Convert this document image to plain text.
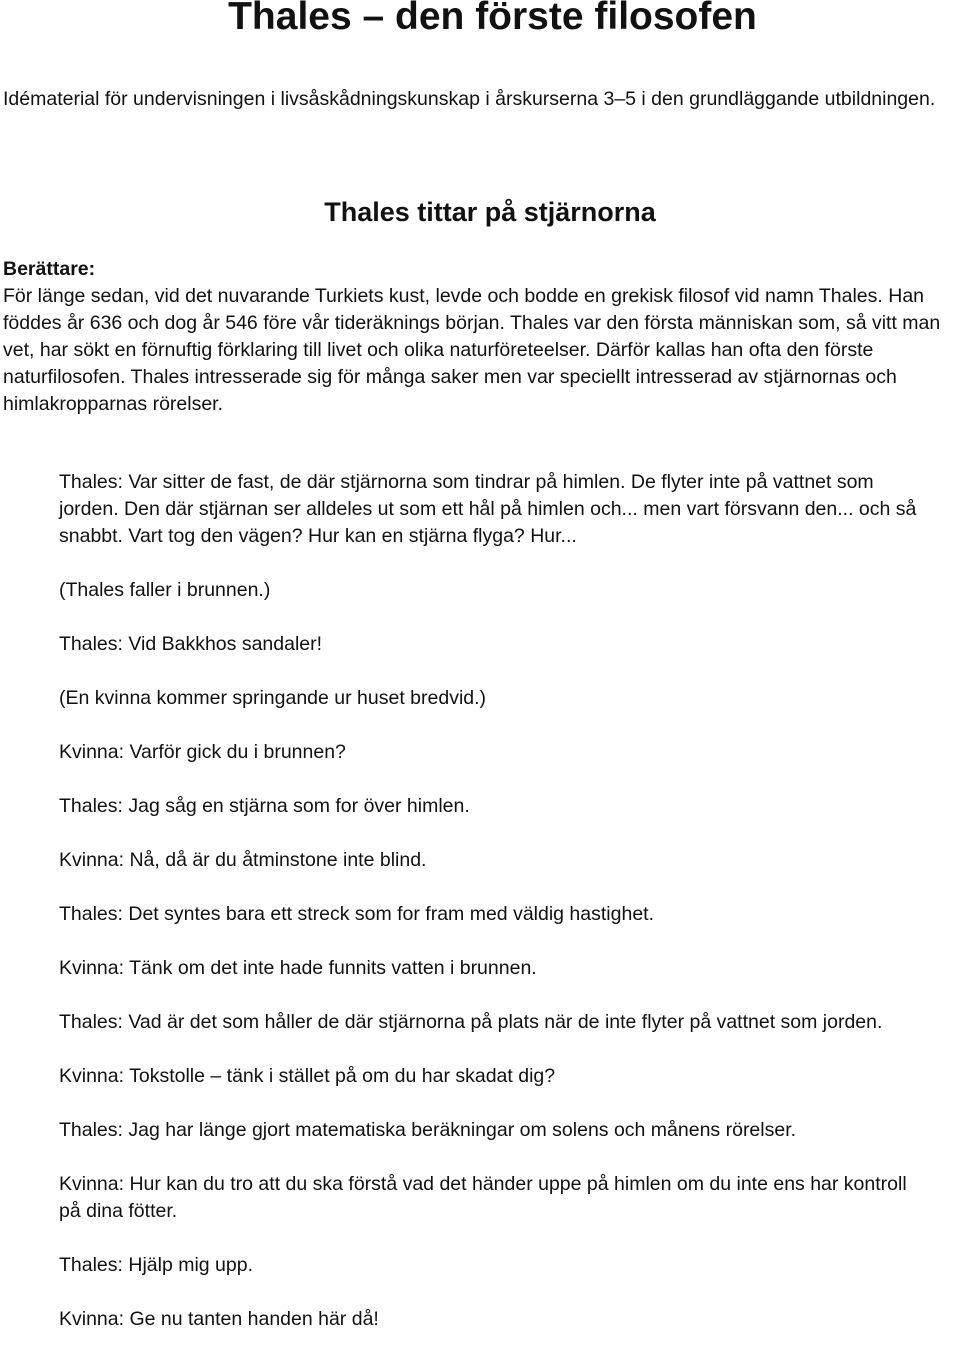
Thales – den förste filosofen

Idématerial för undervisningen i livsåskådningskunskap i årskurserna 3–5 i den grundläggande utbildningen.

Thales tittar på stjärnorna

Berättare:

För länge sedan, vid det nuvarande Turkiets kust, levde och bodde en grekisk filosof vid namn Thales. Han föddes år 636 och dog år 546 före vår tideräknings början. Thales var den första människan som, så vitt man vet, har sökt en förnuftig förklaring till livet och olika naturföreteelser. Därför kallas han ofta den förste naturfilosofen. Thales intresserade sig för många saker men var speciellt intresserad av stjärnornas och himlakropparnas rörelser.

Thales: Var sitter de fast, de där stjärnorna som tindrar på himlen. De flyter inte på vattnet som jorden. Den där stjärnan ser alldeles ut som ett hål på himlen och... men vart försvann den... och så snabbt. Vart tog den vägen? Hur kan en stjärna flyga? Hur...
(Thales faller i brunnen.)
Thales: Vid Bakkhos sandaler!
(En kvinna kommer springande ur huset bredvid.)
Kvinna: Varför gick du i brunnen?
Thales: Jag såg en stjärna som for över himlen.
Kvinna: Nå, då är du åtminstone inte blind.
Thales: Det syntes bara ett streck som for fram med väldig hastighet.
Kvinna: Tänk om det inte hade funnits vatten i brunnen.
Thales: Vad är det som håller de där stjärnorna på plats när de inte flyter på vattnet som jorden.
Kvinna: Tokstolle – tänk i stället på om du har skadat dig?
Thales: Jag har länge gjort matematiska beräkningar om solens och månens rörelser.
Kvinna: Hur kan du tro att du ska förstå vad det händer uppe på himlen om du inte ens har kontroll på dina fötter.
Thales: Hjälp mig upp.
Kvinna: Ge nu tanten handen här då!
